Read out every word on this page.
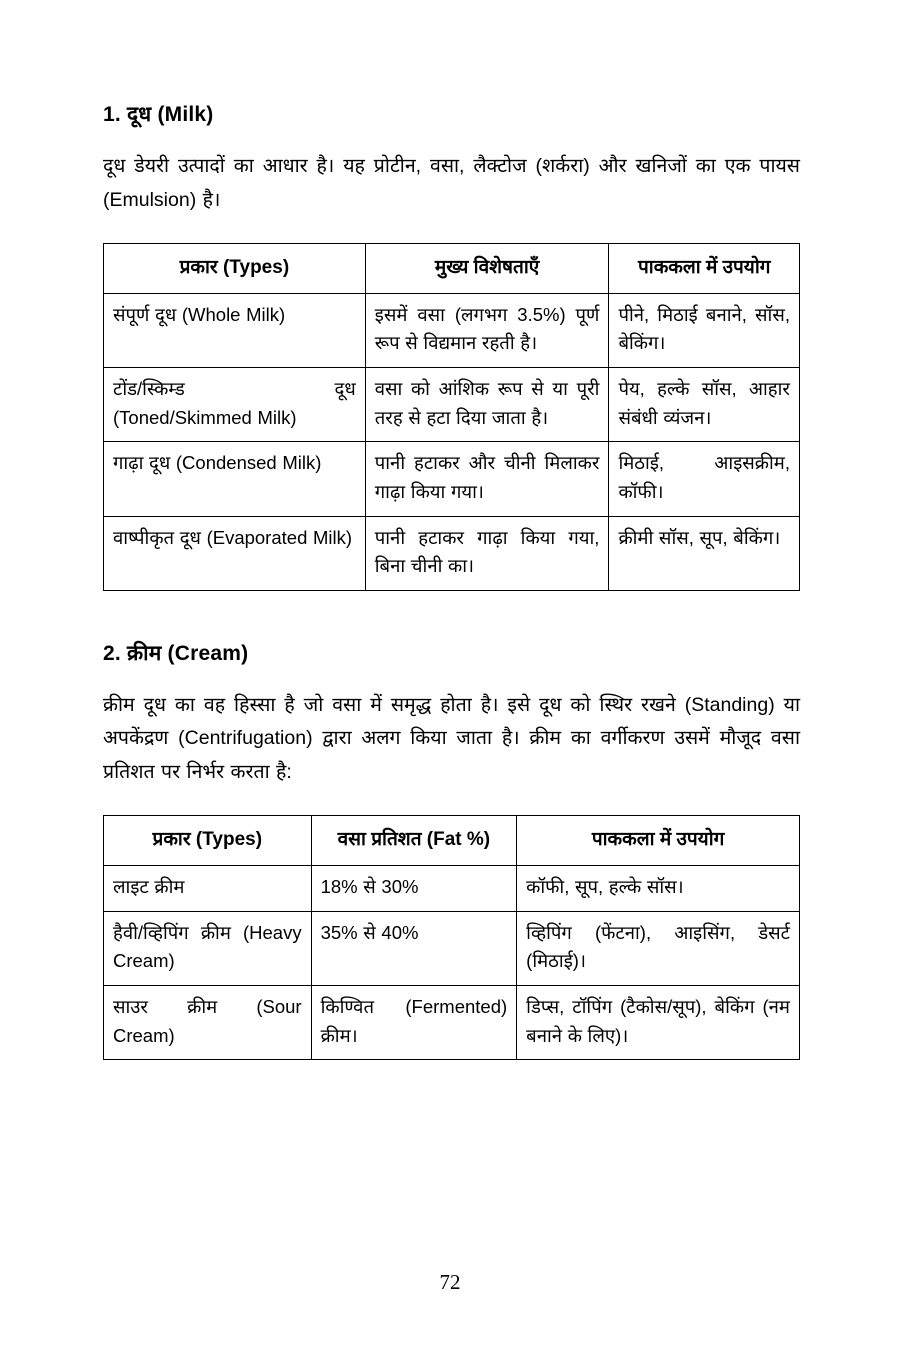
1. दूध (Milk)

दूध डेयरी उत्पादों का आधार है। यह प्रोटीन, वसा, लैक्टोज (शर्करा) और खनिजों का एक पायस (Emulsion) है।

प्रकार (Types)	मुख्य विशेषताएँ	पाककला में उपयोग
संपूर्ण दूध (Whole Milk)	इसमें वसा (लगभग 3.5%) पूर्ण रूप से विद्यमान रहती है।	पीने, मिठाई बनाने, सॉस, बेकिंग।
टोंड/स्किम्ड दूध (Toned/Skimmed Milk)	वसा को आंशिक रूप से या पूरी तरह से हटा दिया जाता है।	पेय, हल्के सॉस, आहार संबंधी व्यंजन।
गाढ़ा दूध (Condensed Milk)	पानी हटाकर और चीनी मिलाकर गाढ़ा किया गया।	मिठाई, आइसक्रीम, कॉफी।
वाष्पीकृत दूध (Evaporated Milk)	पानी हटाकर गाढ़ा किया गया, बिना चीनी का।	क्रीमी सॉस, सूप, बेकिंग।
2. क्रीम (Cream)

क्रीम दूध का वह हिस्सा है जो वसा में समृद्ध होता है। इसे दूध को स्थिर रखने (Standing) या अपकेंद्रण (Centrifugation) द्वारा अलग किया जाता है। क्रीम का वर्गीकरण उसमें मौजूद वसा प्रतिशत पर निर्भर करता है:

प्रकार (Types)	वसा प्रतिशत (Fat %)	पाककला में उपयोग
लाइट क्रीम	18% से 30%	कॉफी, सूप, हल्के सॉस।
हैवी/व्हिपिंग क्रीम (Heavy Cream)	35% से 40%	व्हिपिंग (फेंटना), आइसिंग, डेसर्ट (मिठाई)।
साउर क्रीम (Sour Cream)	किण्वित (Fermented) क्रीम।	डिप्स, टॉपिंग (टैकोस/सूप), बेकिंग (नम बनाने के लिए)।
72
